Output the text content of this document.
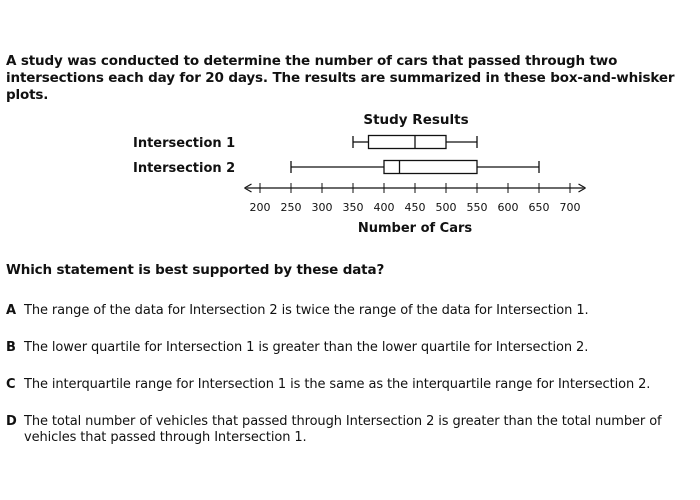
A study was conducted to determine the number of cars that passed through two intersections each day for 20 days. The results are summarized in these box-and-whisker plots.
Study Results
Intersection 1
Intersection 2
200 250 300 350 400 450 500 550 600 650 700
Number of Cars
Which statement is best supported by these data?
A The range of the data for Intersection 2 is twice the range of the data for Intersection 1.
B The lower quartile for Intersection 1 is greater than the lower quartile for Intersection 2.
C The interquartile range for Intersection 1 is the same as the interquartile range for Intersection 2.
D The total number of vehicles that passed through Intersection 2 is greater than the total number of vehicles that passed through Intersection 1.
